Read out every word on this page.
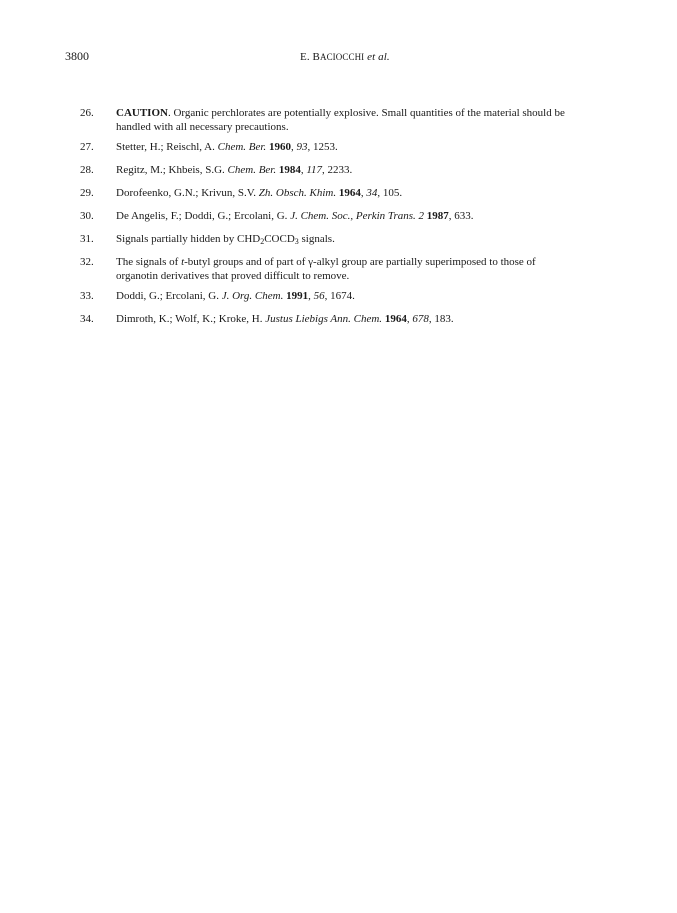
3800	E. BACIOCCHI et al.
26.	CAUTION. Organic perchlorates are potentially explosive. Small quantities of the material should be
handled with all necessary precautions.
27.	Stetter, H.; Reischl, A. Chem. Ber. 1960, 93, 1253.
28.	Regitz, M.; Khbeis, S.G. Chem. Ber. 1984, 117, 2233.
29.	Dorofeenko, G.N.; Krivun, S.V. Zh. Obsch. Khim. 1964, 34, 105.
30.	De Angelis, F.; Doddi, G.; Ercolani, G. J. Chem. Soc., Perkin Trans. 2 1987, 633.
31.	Signals partially hidden by $CHD_2COCD_3$ signals.
32.	The signals of t-butyl groups and of part of γ-alkyl group are partially superimposed to those of
organotin derivatives that proved difficult to remove.
33.	Doddi, G.; Ercolani, G. J. Org. Chem. 1991, 56, 1674.
34.	Dimroth, K.; Wolf, K.; Kroke, H. Justus Liebigs Ann. Chem. 1964, 678, 183.
